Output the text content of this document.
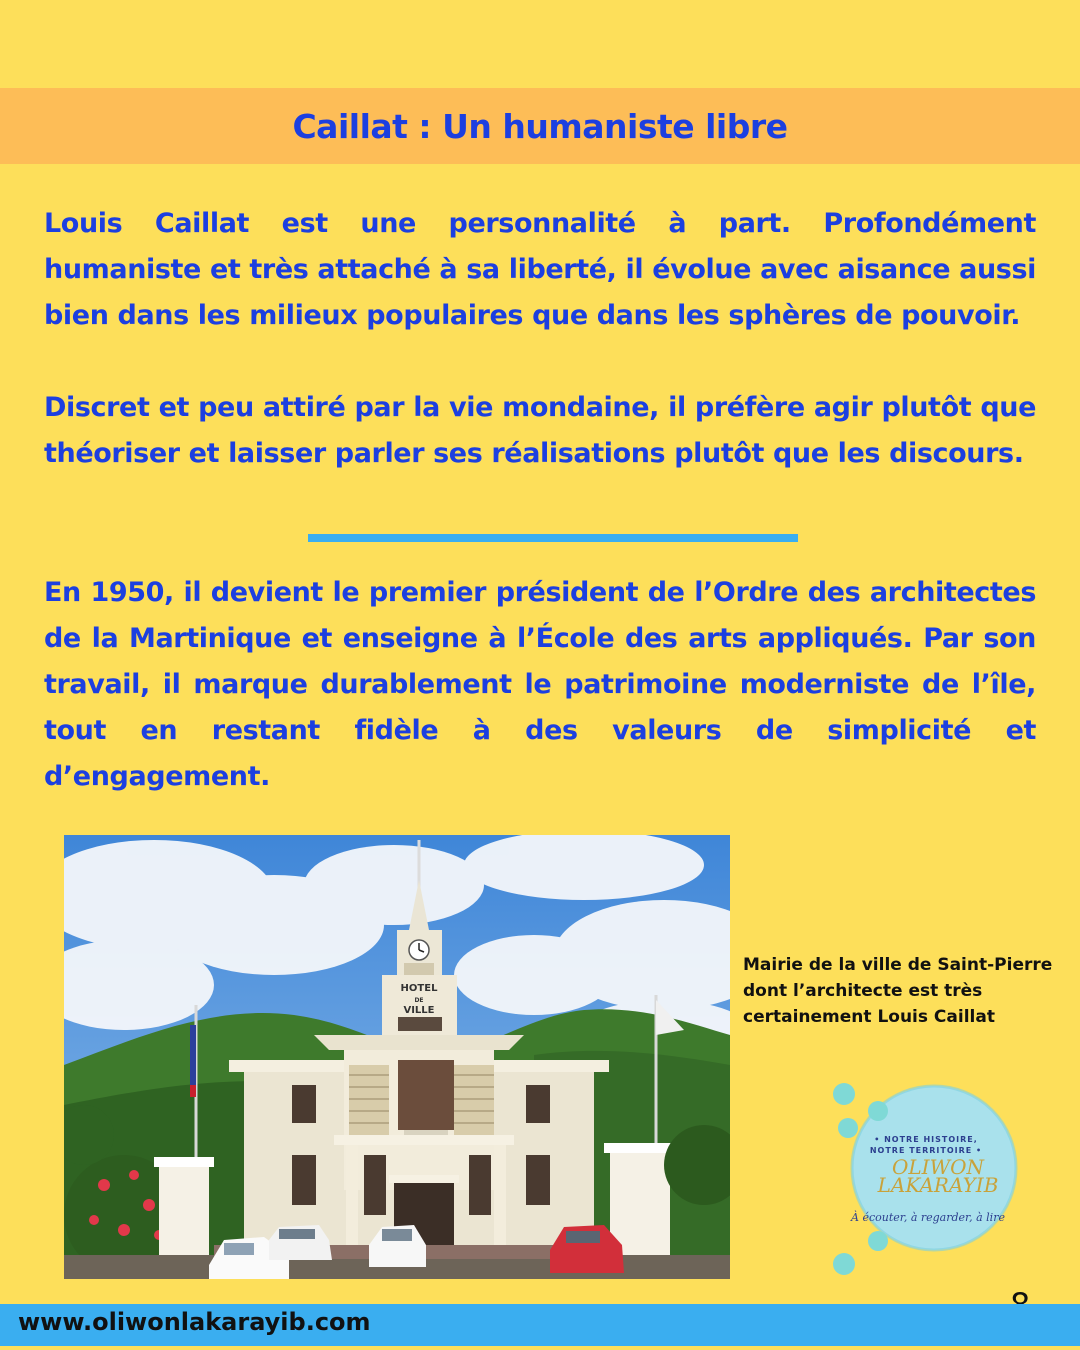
Caillat : Un humaniste libre

Louis Caillat est une personnalité à part. Profondément humaniste et très attaché à sa liberté, il évolue avec aisance aussi bien dans les milieux populaires que dans les sphères de pouvoir.

Discret et peu attiré par la vie mondaine, il préfère agir plutôt que théoriser et laisser parler ses réalisations plutôt que les discours.

En 1950, il devient le premier président de l’Ordre des architectes de la Martinique et enseigne à l’École des arts appliqués. Par son travail, il marque durablement le patrimoine moderniste de l’île, tout en restant fidèle à des valeurs de simplicité et d’engagement.

HOTEL
DE
VILLE
Mairie de la ville de Saint-Pierre dont l’architecte est très certainement Louis Caillat
• NOTRE HISTOIRE,
NOTRE TERRITOIRE •
OLIWON
LAKARAYIB
À écouter, à regarder, à lire
www.oliwonlakarayib.com
